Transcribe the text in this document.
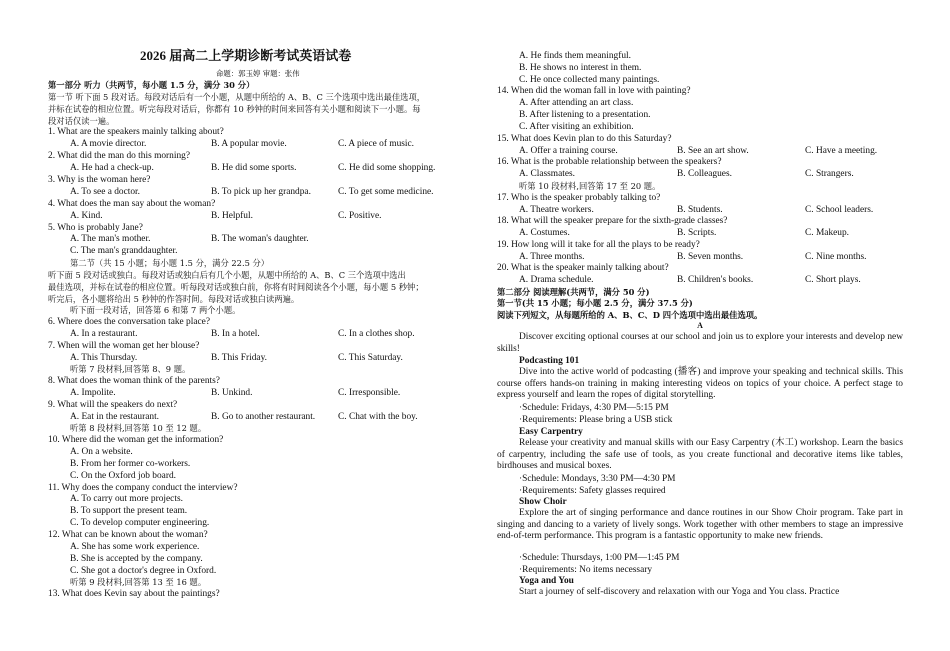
2026 届高二上学期诊断考试英语试卷
命题：郭玉婷 审题：张伟
第一部分 听力（共两节，每小题 1.5 分，满分 30 分）
第一节 听下面 5 段对话。每段对话后有一个小题，从题中所给的 A、B、C 三个选项中选出最佳选项，
并标在试卷的相应位置。听完每段对话后，你都有 10 秒钟的时间来回答有关小题和阅读下一小题。每
段对话仅读一遍。
1. What are the speakers mainly talking about?
A. A movie director.	B. A popular movie.	C. A piece of music.
2. What did the man do this morning?
A. He had a check-up.	B. He did some sports.	C. He did some shopping.
3. Why is the woman here?
A. To see a doctor.	B. To pick up her grandpa.	C. To get some medicine.
4. What does the man say about the woman?
A. Kind.	B. Helpful.	C. Positive.
5. Who is probably Jane?
A. The man's mother.	B. The woman's daughter.
C. The man's granddaughter.
第二节（共 15 小题；每小题 1.5 分，满分 22.5 分）
听下面 5 段对话或独白。每段对话或独白后有几个小题，从题中所给的 A、B、C 三个选项中选出
最佳选项，并标在试卷的相应位置。听每段对话或独白前，你将有时间阅读各个小题，每小题 5 秒钟；
听完后，各小题将给出 5 秒钟的作答时间。每段对话或独白读两遍。
听下面一段对话，回答第 6 和第 7 两个小题。
6. Where does the conversation take place?
A. In a restaurant.	B. In a hotel.	C. In a clothes shop.
7. When will the woman get her blouse?
A. This Thursday.	B. This Friday.	C. This Saturday.
听第 7 段材料,回答第 8、9 题。
8. What does the woman think of the parents?
A. Impolite.	B. Unkind.	C. Irresponsible.
9. What will the speakers do next?
A. Eat in the restaurant.	B. Go to another restaurant. C. Chat with the boy.
听第 8 段材料,回答第 10 至 12 题。
10. Where did the woman get the information?
A. On a website.
B. From her former co-workers.
C. On the Oxford job board.
11. Why does the company conduct the interview?
A. To carry out more projects.
B. To support the present team.
C. To develop computer engineering.
12. What can be known about the woman?
A. She has some work experience.
B. She is accepted by the company.
C. She got a doctor's degree in Oxford.
听第 9 段材料,回答第 13 至 16 题。
13. What does Kevin say about the paintings?
A. He finds them meaningful.
B. He shows no interest in them.
C. He once collected many paintings.
14. When did the woman fall in love with painting?
A. After attending an art class.
B. After listening to a presentation.
C. After visiting an exhibition.
15. What does Kevin plan to do this Saturday?
A. Offer a training course.	B. See an art show.	C. Have a meeting.
16. What is the probable relationship between the speakers?
A. Classmates.	B. Colleagues.	C. Strangers.
听第 10 段材料,回答第 17 至 20 题。
17. Who is the speaker probably talking to?
A. Theatre workers.	B. Students.	C. School leaders.
18. What will the speaker prepare for the sixth-grade classes?
A. Costumes.	B. Scripts.	C. Makeup.
19. How long will it take for all the plays to be ready?
A. Three months.	B. Seven months.	C. Nine months.
20. What is the speaker mainly talking about?
A. Drama schedule.	B. Children's books.	C. Short plays.
第二部分 阅读理解(共两节，满分 50 分)
第一节(共 15 小题；每小题 2.5 分，满分 37.5 分)
阅读下列短文，从每题所给的 A、B、C、D 四个选项中选出最佳选项。
A
Discover exciting optional courses at our school and join us to explore your interests and develop new skills!
Podcasting 101
Dive into the active world of podcasting (播客) and improve your speaking and technical skills. This course offers hands-on training in making interesting videos on topics of your choice. A perfect stage to express yourself and learn the ropes of digital storytelling.
·Schedule: Fridays, 4:30 PM—5:15 PM
·Requirements: Please bring a USB stick
Easy Carpentry
Release your creativity and manual skills with our Easy Carpentry (木工) workshop. Learn the basics of carpentry, including the safe use of tools, as you create functional and decorative items like tables, birdhouses and musical boxes.
·Schedule: Mondays, 3:30 PM—4:30 PM
·Requirements: Safety glasses required
Show Choir
Explore the art of singing performance and dance routines in our Show Choir program. Take part in singing and dancing to a variety of lively songs. Work together with other members to stage an impressive end-of-term performance. This program is a fantastic opportunity to make new friends.
·Schedule: Thursdays, 1:00 PM—1:45 PM
·Requirements: No items necessary
Yoga and You
Start a journey of self-discovery and relaxation with our Yoga and You class. Practice
